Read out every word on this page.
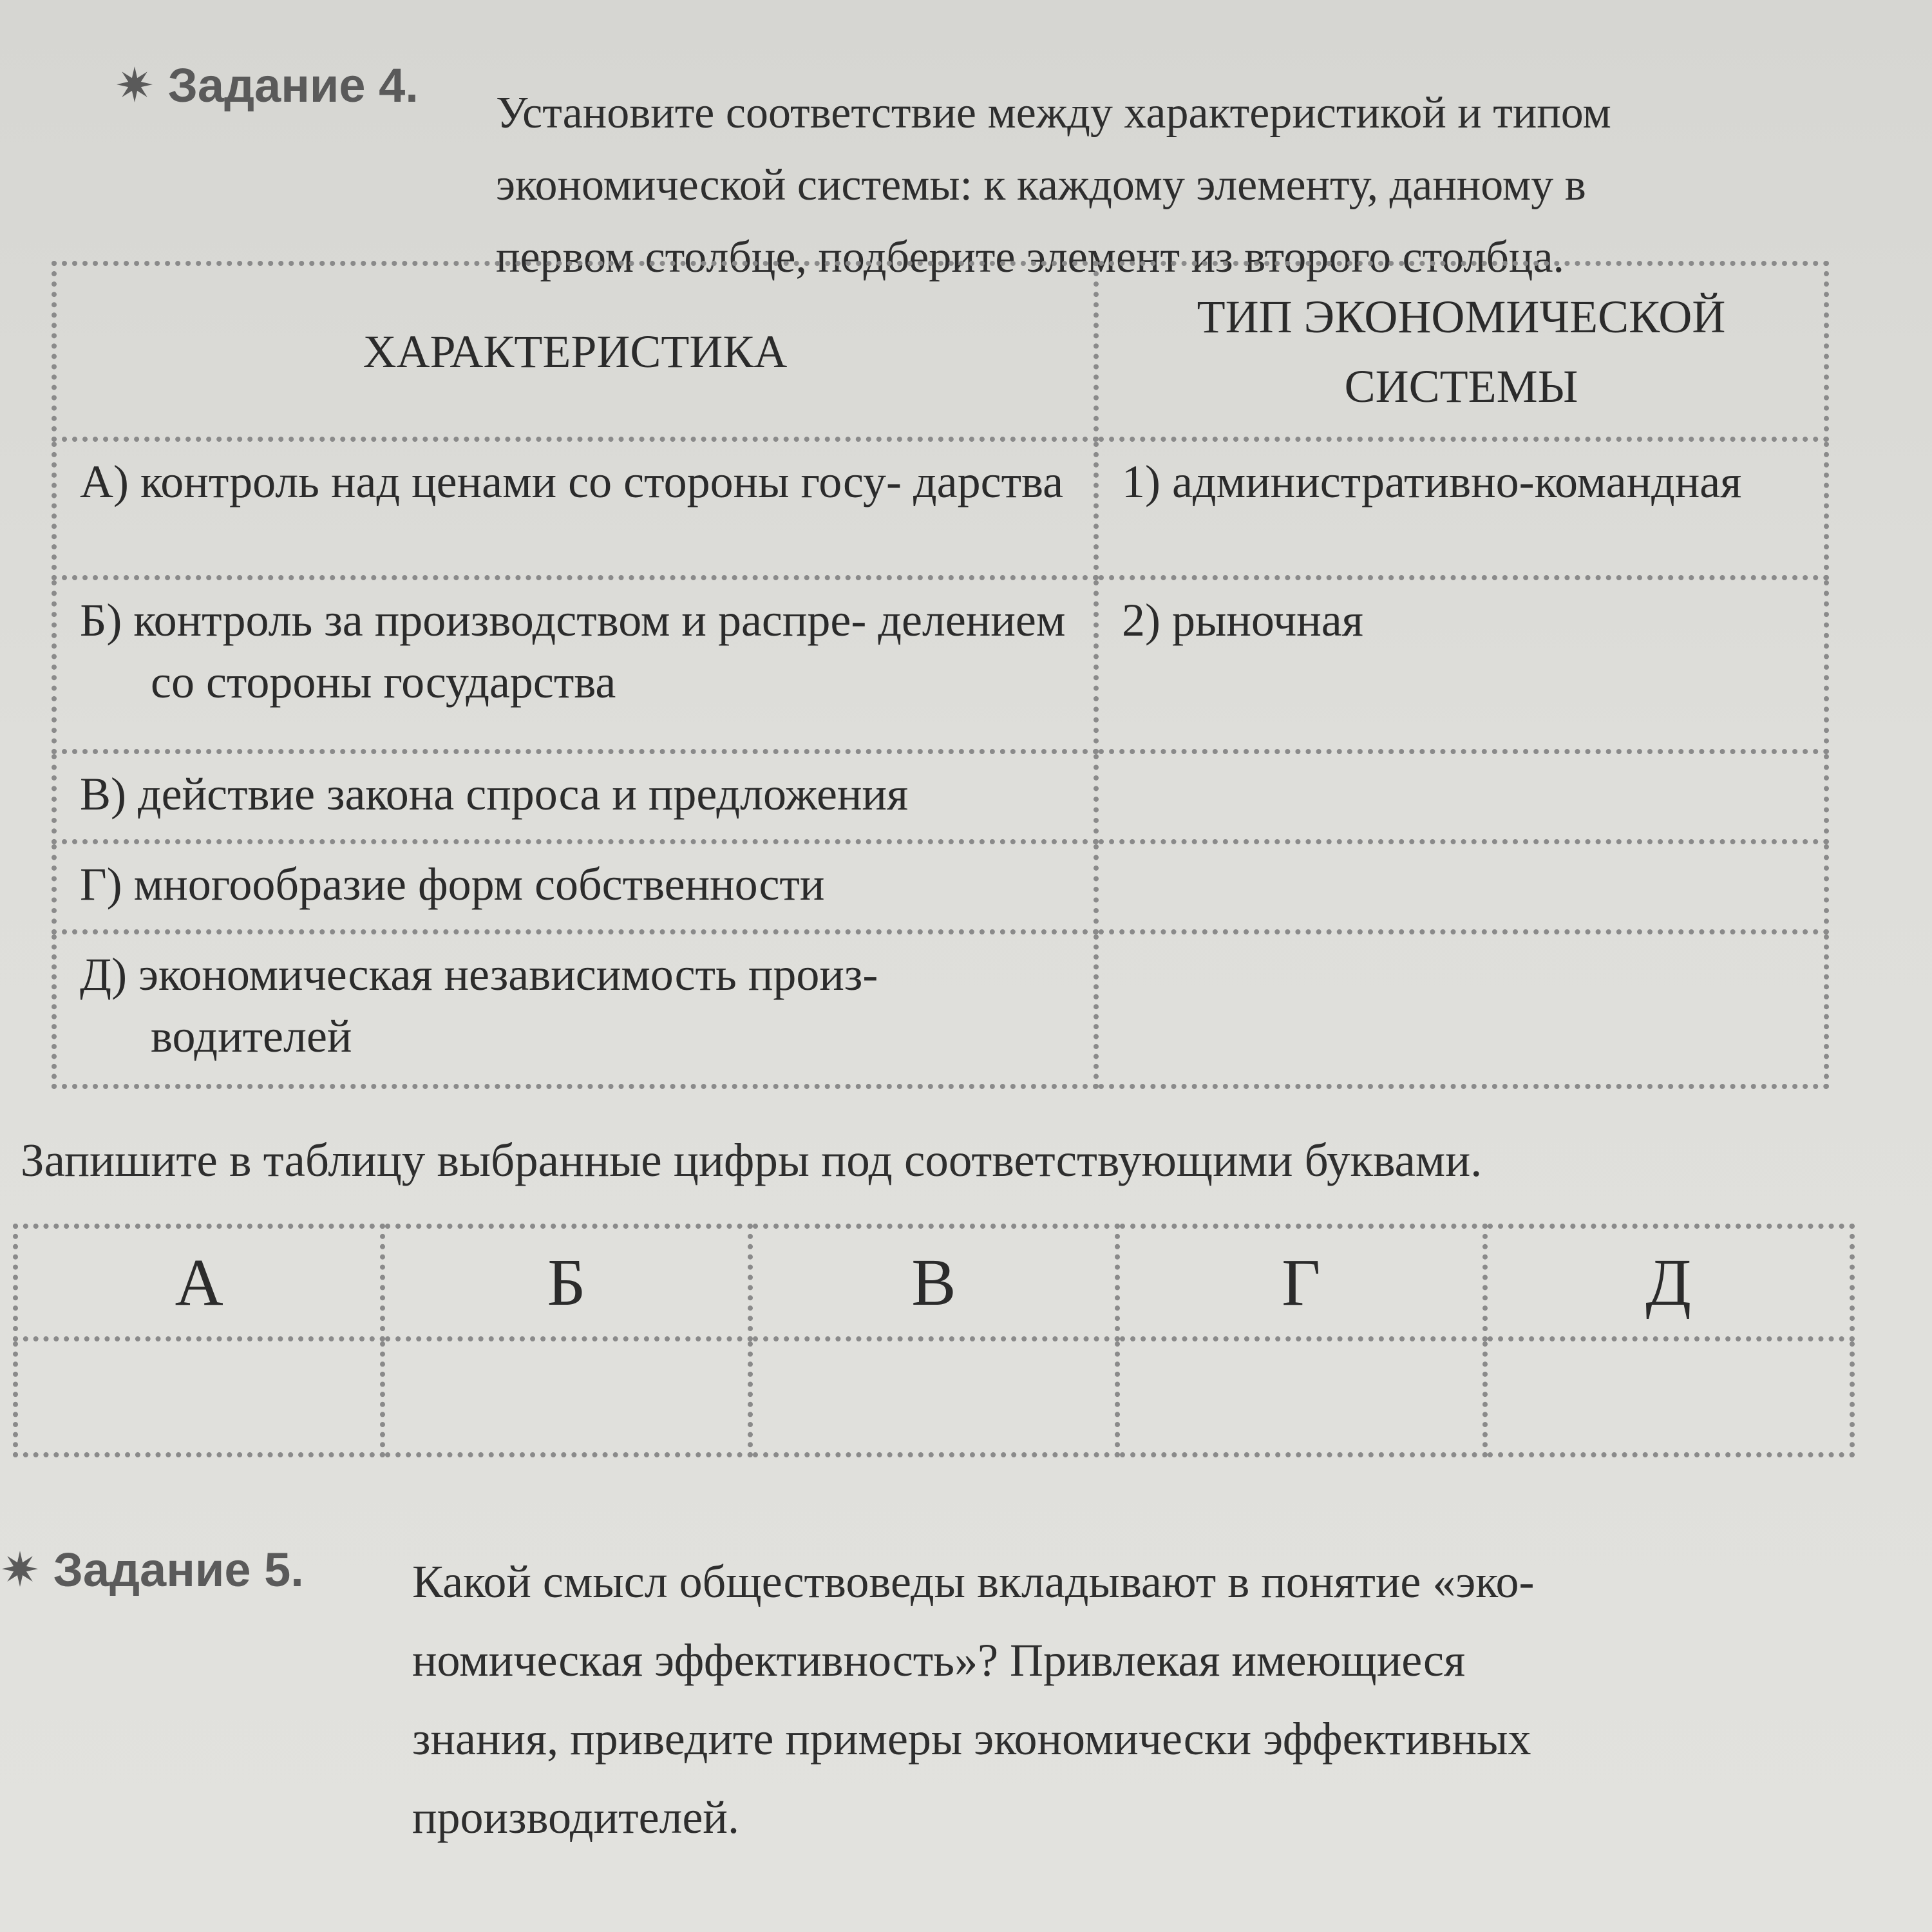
✷ Задание 4.
Установите соответствие между характеристикой и типом
экономической системы: к каждому элементу, данному в
первом столбце, подберите элемент из второго столбца.
ХАРАКТЕРИСТИКА	ТИП ЭКОНОМИЧЕСКОЙ
СИСТЕМЫ

А) контроль над ценами со стороны госу- дарства	1) административно-командная

Б) контроль за производством и распре- делением со стороны государства	2) рыночная

В) действие закона спроса и предложения	

Г) многообразие форм собственности	

Д) экономическая независимость произ- водителей	

Запишите в таблицу выбранные цифры под соответствующими буквами.
А	Б	В	Г	Д

✷ Задание 5. Какой смысл обществоведы вкладывают в понятие «эко-
номическая эффективность»? Привлекая имеющиеся
знания, приведите примеры экономически эффективных
производителей.
